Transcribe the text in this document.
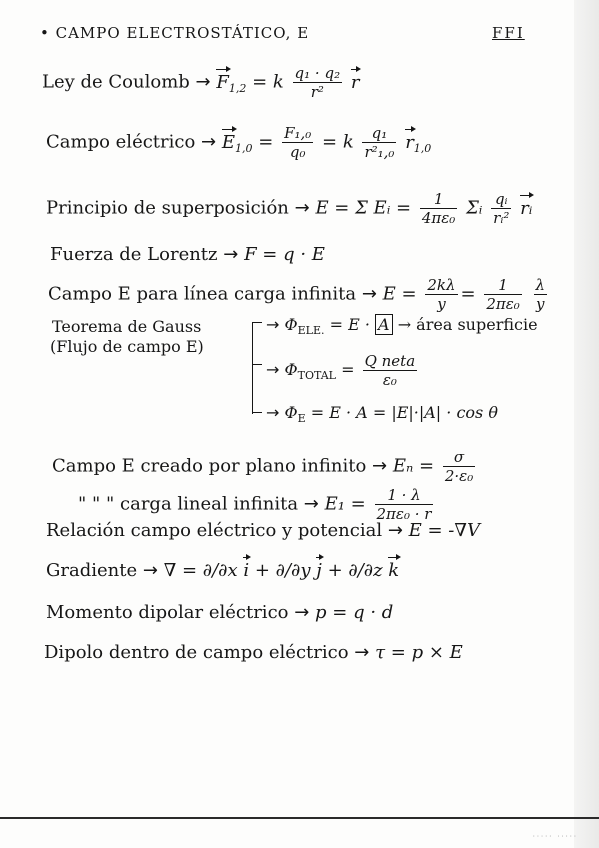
• CAMPO ELECTROSTÁTICO, E	FFI
Ley de Coulomb → $F_{1,2} = k \frac{\text{q₁ · q₂}}{\text{r²}}$ r
Campo eléctrico → $E_{1,0} = \frac{\text{F₁,₀}}{\text{q₀}} = k \frac{\text{q₁}}{\text{r²₁,₀}} r_{1,0}$
Principio de superposición → E = Σ Eᵢ = $\frac{1}{\text{4πε₀}}$ Σᵢ $\frac{\text{qᵢ}}{\text{rᵢ²}}$ rᵢ
Fuerza de Lorentz → F = q · E
Campo E para línea carga infinita → $E = \frac{2k\lambda}{y} = \frac{1}{\text{2πε₀}}$
$\frac{\lambda}{y}$
Teorema de Gauss
(Flujo de campo E)
→ $\Phi_{ELE.} = E \cdot A$ → área superficie
→ $\Phi_{TOTAL} = \frac{\text{Q neta}}{\text{ε₀}}$
→ $\Phi_E = E \cdot A = |E|\cdot|A| \cdot \cos \theta$
Campo E creado por plano infinito → $E_n = \frac{\sigma}{\text{2·ε₀}}$
" " " carga lineal infinita → $E_1 = \frac{1 \cdot \lambda}{\text{2πε₀ · r}}$
Relación campo eléctrico y potencial → E = -∇V
Gradiente → ∇ = ∂/∂x i + ∂/∂y j + ∂/∂z k
Momento dipolar eléctrico → p = q · d
Dipolo dentro de campo eléctrico → τ = p × E
····· ·····
